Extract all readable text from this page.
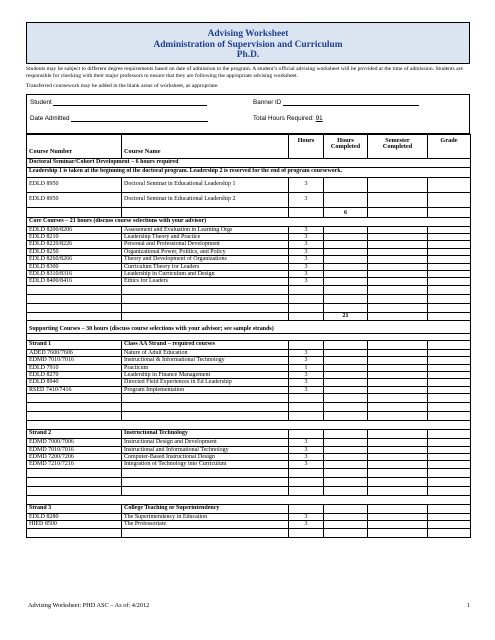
Advising Worksheet
Administration of Supervision and Curriculum
Ph.D.

Students may be subject to different degree requirements based on date of admission to the program. A student’s official advising worksheet will be provided at the time of admission. Students are responsible for checking with their major professors to ensure that they are following the appropriate advising worksheet.

Transferred coursework may be added in the blank areas of worksheet, as appropriate.

Student	Banner ID
Date Admitted	Total Hours Required: 91
Course Number	Course Name	Hours	Hours Completed	Semester Completed	Grade
Doctoral Seminar/Cohort Development – 6 hours required					
Leadership 1 is taken at the beginning of the doctoral program. Leadership 2 is reserved for the end of program coursework.					
EDLD 8950	Doctoral Seminar in Educational Leadership 1	3			
EDLD 8950	Doctoral Seminar in Educational Leadership 2	3			
			6		
Core Courses – 21 hours (discuss course selections with your advisor)					
EDLD 8200/8206	Assessment and Evaluation in Learning Orgs	3			
EDLD 8210	Leadership Theory and Practice	3			
EDLD 8220/8226	Personal and Professional Development	3			
EDLD 8250	Organizational Power, Politics, and Policy	3			
EDLD 8260/8266	Theory and Development of Organizations	3			
EDLD 8300	Curriculum Theory for Leaders	3			
EDLD 8310/8316	Leadership in Curriculum and Design	3			
EDLD 8400/8416	Ethics for Leaders	3			

			21		
Supporting Courses – 30 hours (discuss course selections with your advisor; see sample strands)					

Strand 1	Class AA Strand – required courses				
ADED 7600/7606	Nature of Adult Education	3			
EDMD 7010/7016	Instructional & Informational Technology	3			
EDLD 7910	Practicum	1			
EDLD 8270	Leadership in Finance Management	3			
EDLD 8940	Directed Field Experiences in Ed Leadership	3			
RSED 7410/7416	Program Implementation	3			

Strand 2	Instructional Technology				
EDMD 7000/7006	Instructional Design and Development	3			
EDMD 7010/7016	Instructional and Informational Technology	3			
EDMD 7200/7206	Computer-Based Instructional Design	3			
EDMD 7210/7216	Integration of Technology into Curriculum	3			

Strand 3	College Teaching or Superintendency				
EDLD 8280	The Superintendency in Education	3			
HIED 8500	The Professoriate	3			

Advising Worksheet: PHD ASC – As of: 4/2012	1
